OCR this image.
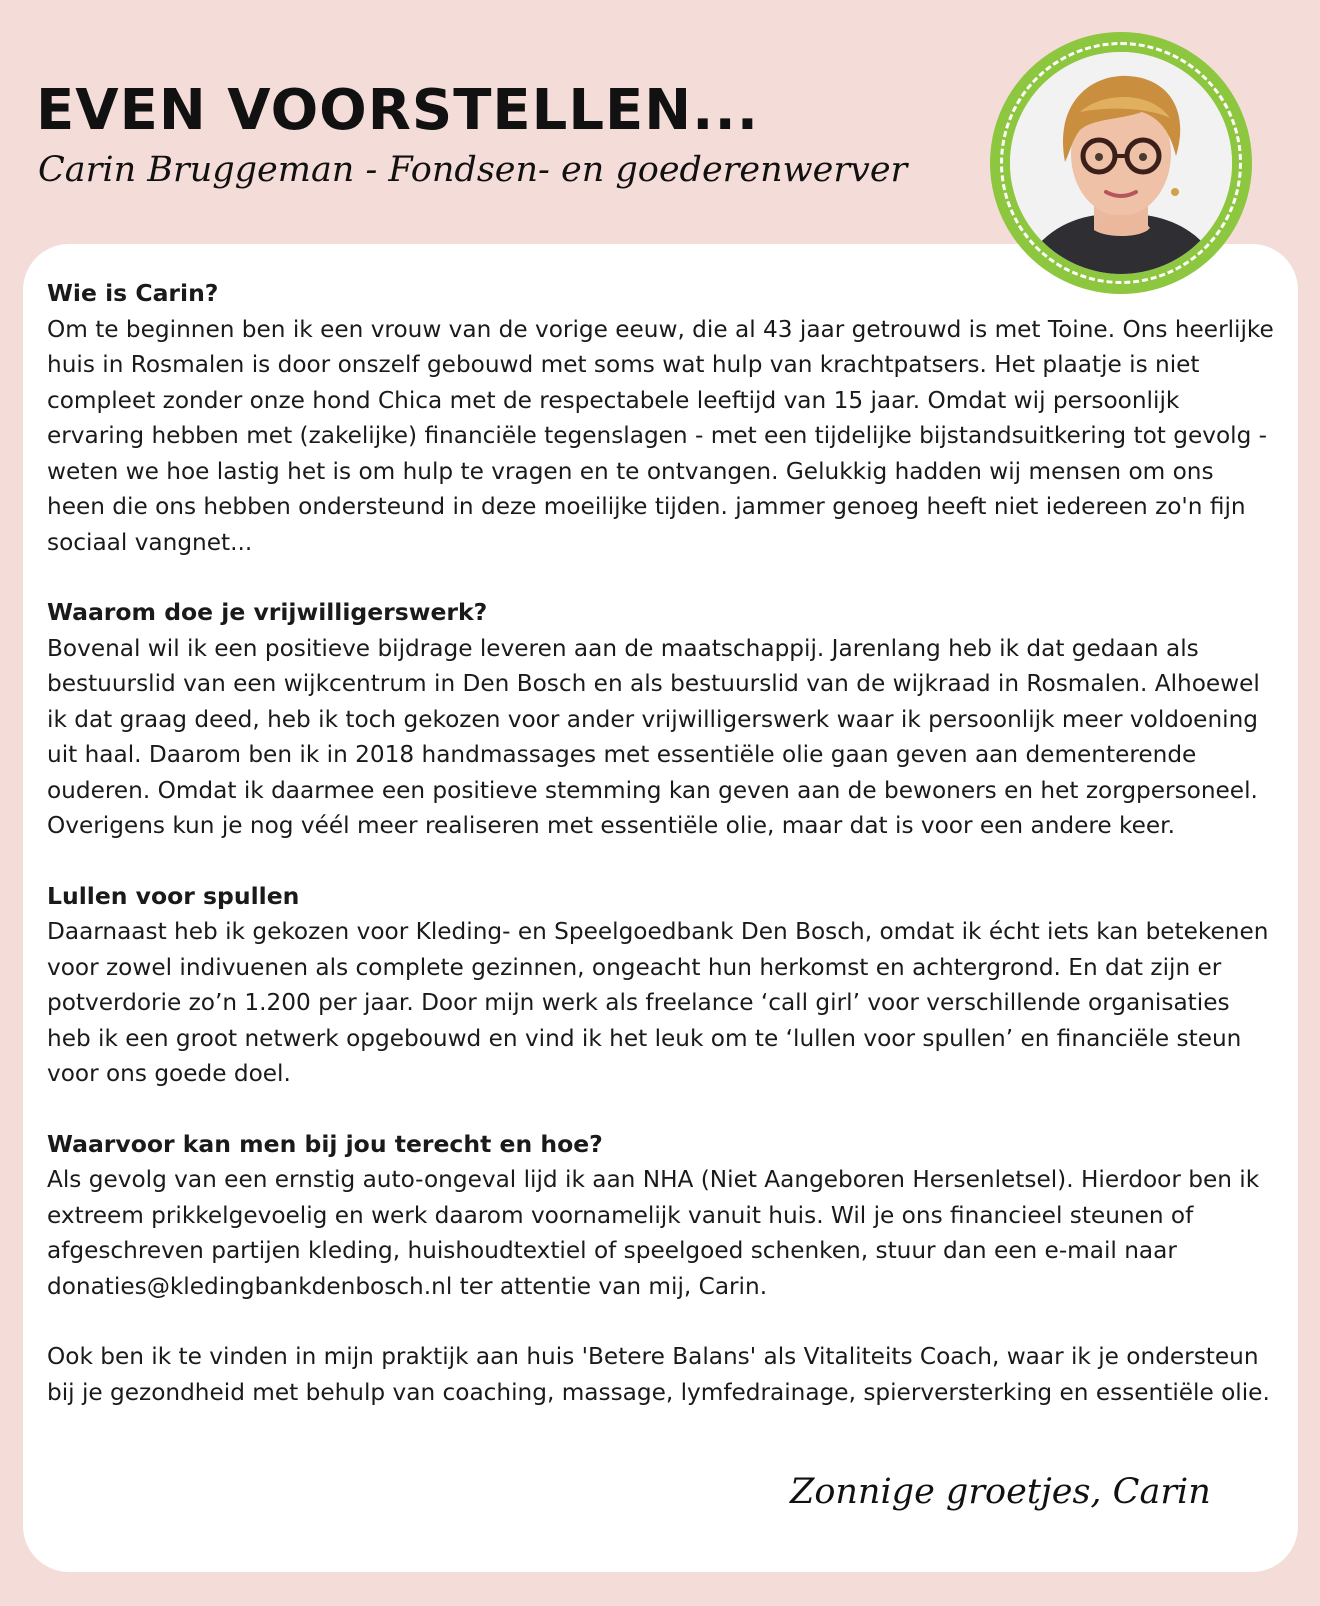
EVEN VOORSTELLEN...
Carin Bruggeman - Fondsen- en goederenwerver
Wie is Carin?

Om te beginnen ben ik een vrouw van de vorige eeuw, die al 43 jaar getrouwd is met Toine. Ons heerlijke huis in Rosmalen is door onszelf gebouwd met soms wat hulp van krachtpatsers. Het plaatje is niet compleet zonder onze hond Chica met de respectabele leeftijd van 15 jaar. Omdat wij persoonlijk ervaring hebben met (zakelijke) financiële tegenslagen - met een tijdelijke bijstandsuitkering tot gevolg - weten we hoe lastig het is om hulp te vragen en te ontvangen. Gelukkig hadden wij mensen om ons heen die ons hebben ondersteund in deze moeilijke tijden. jammer genoeg heeft niet iedereen zo'n fijn sociaal vangnet...

Waarom doe je vrijwilligerswerk?

Bovenal wil ik een positieve bijdrage leveren aan de maatschappij. Jarenlang heb ik dat gedaan als bestuurslid van een wijkcentrum in Den Bosch en als bestuurslid van de wijkraad in Rosmalen. Alhoewel ik dat graag deed, heb ik toch gekozen voor ander vrijwilligerswerk waar ik persoonlijk meer voldoening uit haal. Daarom ben ik in 2018 handmassages met essentiële olie gaan geven aan dementerende ouderen. Omdat ik daarmee een positieve stemming kan geven aan de bewoners en het zorgpersoneel. Overigens kun je nog véél meer realiseren met essentiële olie, maar dat is voor een andere keer.

Lullen voor spullen

Daarnaast heb ik gekozen voor Kleding- en Speelgoedbank Den Bosch, omdat ik écht iets kan betekenen voor zowel indivuenen als complete gezinnen, ongeacht hun herkomst en achtergrond. En dat zijn er potverdorie zo’n 1.200 per jaar. Door mijn werk als freelance ‘call girl’ voor verschillende organisaties heb ik een groot netwerk opgebouwd en vind ik het leuk om te ‘lullen voor spullen’ en financiële steun voor ons goede doel.

Waarvoor kan men bij jou terecht en hoe?

Als gevolg van een ernstig auto-ongeval lijd ik aan NHA (Niet Aangeboren Hersenletsel). Hierdoor ben ik extreem prikkelgevoelig en werk daarom voornamelijk vanuit huis. Wil je ons financieel steunen of afgeschreven partijen kleding, huishoudtextiel of speelgoed schenken, stuur dan een e-mail naar donaties@kledingbankdenbosch.nl ter attentie van mij, Carin.

Ook ben ik te vinden in mijn praktijk aan huis 'Betere Balans' als Vitaliteits Coach, waar ik je ondersteun bij je gezondheid met behulp van coaching, massage, lymfedrainage, spierversterking en essentiële olie.

Zonnige groetjes, Carin
